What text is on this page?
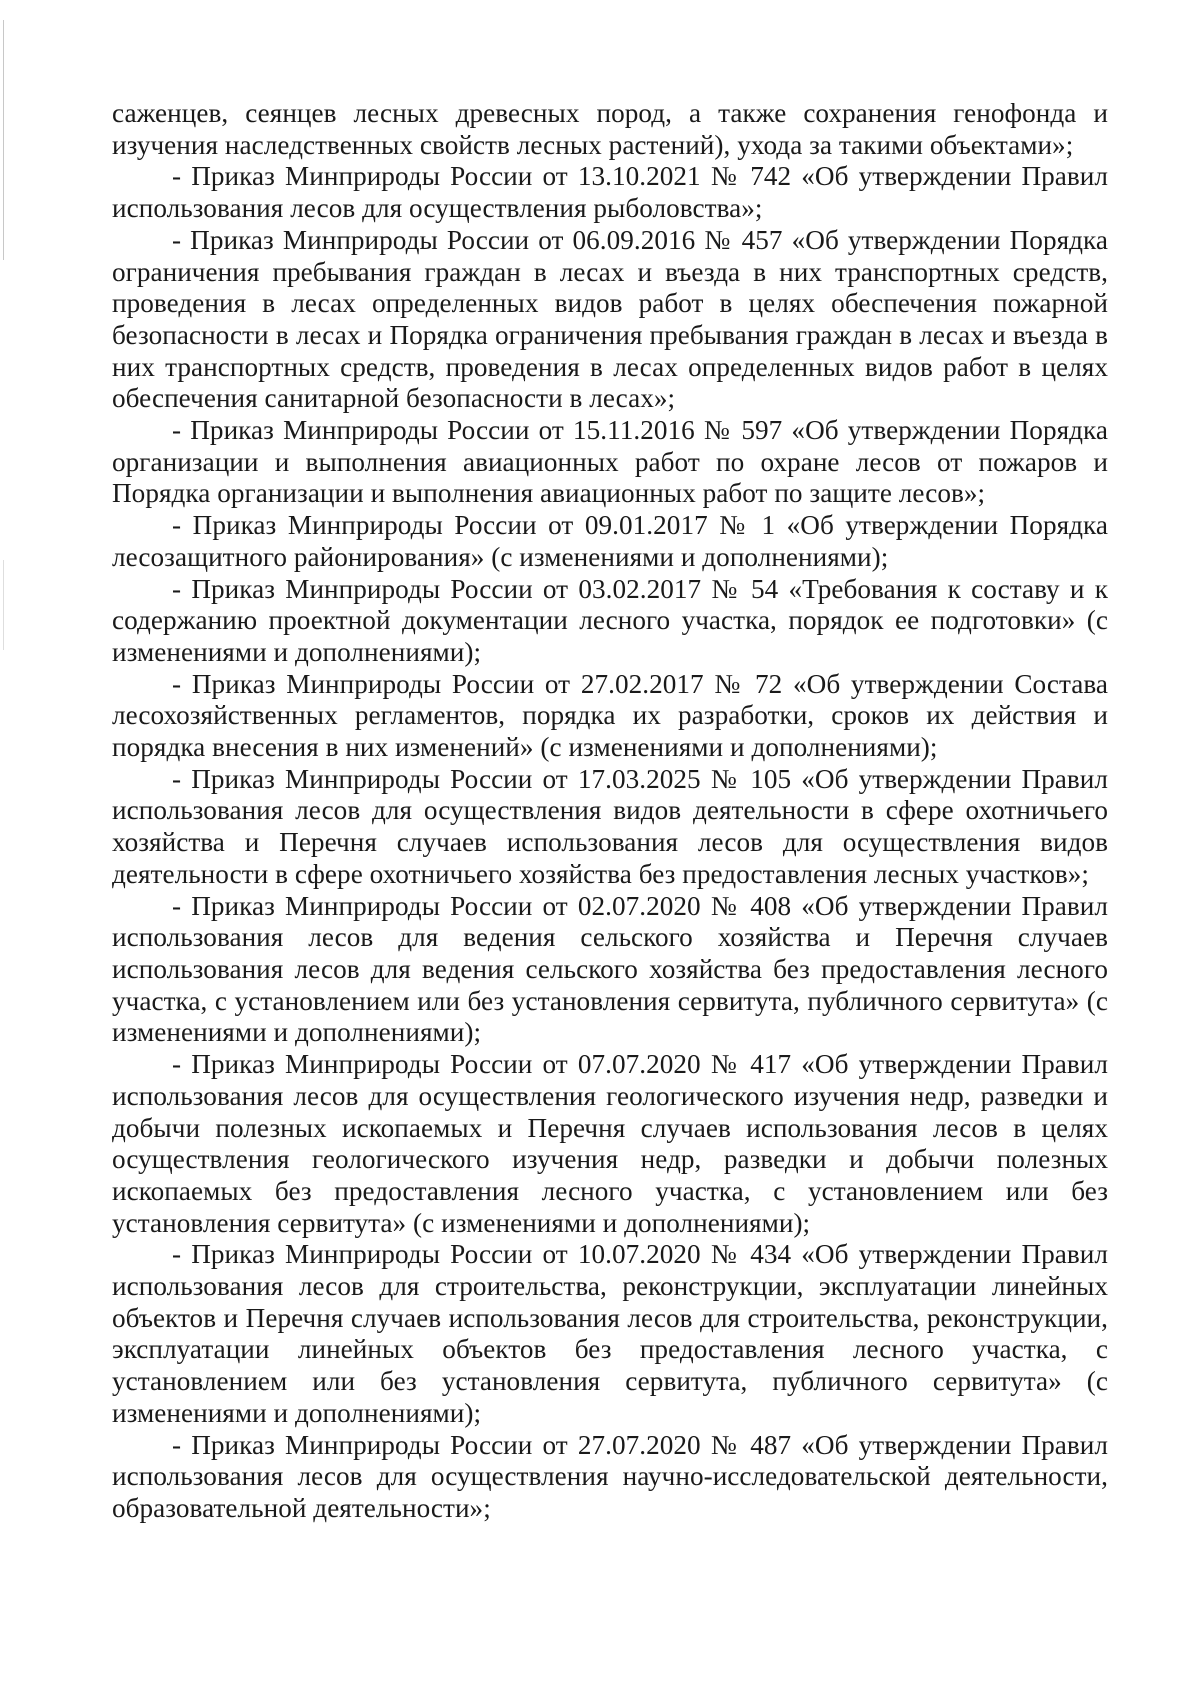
саженцев, сеянцев лесных древесных пород, а также сохранения генофонда и изучения наследственных свойств лесных растений), ухода за такими объектами»;

- Приказ Минприроды России от 13.10.2021 № 742 «Об утверждении Правил использования лесов для осуществления рыболовства»;

- Приказ Минприроды России от 06.09.2016 № 457 «Об утверждении Порядка ограничения пребывания граждан в лесах и въезда в них транспортных средств, проведения в лесах определенных видов работ в целях обеспечения пожарной безопасности в лесах и Порядка ограничения пребывания граждан в лесах и въезда в них транспортных средств, проведения в лесах определенных видов работ в целях обеспечения санитарной безопасности в лесах»;

- Приказ Минприроды России от 15.11.2016 № 597 «Об утверждении Порядка организации и выполнения авиационных работ по охране лесов от пожаров и Порядка организации и выполнения авиационных работ по защите лесов»;

- Приказ Минприроды России от 09.01.2017 № 1 «Об утверждении Порядка лесозащитного районирования» (с изменениями и дополнениями);

- Приказ Минприроды России от 03.02.2017 № 54 «Требования к составу и к содержанию проектной документации лесного участка, порядок ее подготовки» (с изменениями и дополнениями);

- Приказ Минприроды России от 27.02.2017 № 72 «Об утверждении Состава лесохозяйственных регламентов, порядка их разработки, сроков их действия и порядка внесения в них изменений» (с изменениями и дополнениями);

- Приказ Минприроды России от 17.03.2025 № 105 «Об утверждении Правил использования лесов для осуществления видов деятельности в сфере охотничьего хозяйства и Перечня случаев использования лесов для осуществления видов деятельности в сфере охотничьего хозяйства без предоставления лесных участков»;

- Приказ Минприроды России от 02.07.2020 № 408 «Об утверждении Правил использования лесов для ведения сельского хозяйства и Перечня случаев использования лесов для ведения сельского хозяйства без предоставления лесного участка, с установлением или без установления сервитута, публичного сервитута» (с изменениями и дополнениями);

- Приказ Минприроды России от 07.07.2020 № 417 «Об утверждении Правил использования лесов для осуществления геологического изучения недр, разведки и добычи полезных ископаемых и Перечня случаев использования лесов в целях осуществления геологического изучения недр, разведки и добычи полезных ископаемых без предоставления лесного участка, с установлением или без установления сервитута» (с изменениями и дополнениями);

- Приказ Минприроды России от 10.07.2020 № 434 «Об утверждении Правил использования лесов для строительства, реконструкции, эксплуатации линейных объектов и Перечня случаев использования лесов для строительства, реконструкции, эксплуатации линейных объектов без предоставления лесного участка, с установлением или без установления сервитута, публичного сервитута» (с изменениями и дополнениями);

- Приказ Минприроды России от 27.07.2020 № 487 «Об утверждении Правил использования лесов для осуществления научно-исследовательской деятельности, образовательной деятельности»;
